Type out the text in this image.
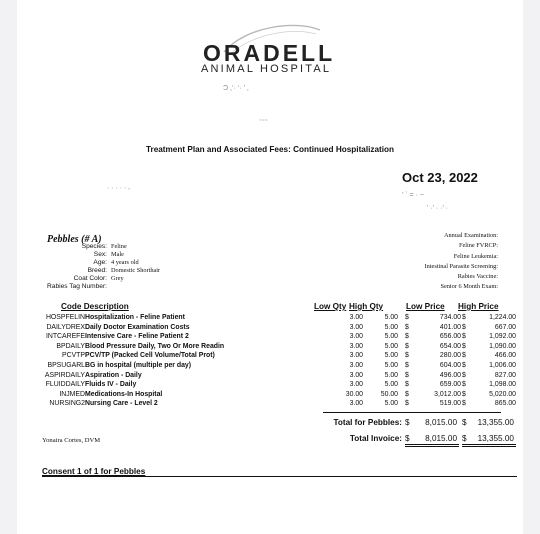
ORADELL
ANIMAL HOSPITAL
Ɔ ,‘· ‘· ’ ,
~~~
Treatment Plan and Associated Fees: Continued Hospitalization
Oct 23, 2022
` ` ` ` ` '
’ ` = · ~
' ·' · ·' ·
Pebbles (# A)
Species: Feline
Sex: Male
Age: 4 years old
Breed: Domestic Shorthair
Coat Color: Grey
Rabies Tag Number:
Annual Examination:
Feline FVRCP:
Feline Leukemia:
Intestinal Parasite Screening:
Rabies Vaccine:
Senior 6 Month Exam:
Code Description	Low Qty High Qty	Low Price High Price
HOSPFELIN Hospitalization - Feline Patient	3.00	5.00 $	734.00 $	1,224.00
DAILYDREX Daily Doctor Examination Costs	3.00	5.00 $	401.00 $	667.00
INTCAREFE Intensive Care - Feline Patient 2	3.00	5.00 $	656.00 $	1,092.00
BPDAILY Blood Pressure Daily, Two Or More Readin	3.00	5.00 $	654.00 $	1,090.00
PCVTP PCV/TP (Packed Cell Volume/Total Prot)	3.00	5.00 $	280.00 $	466.00
BPSUGARL BG in hospital (multiple per day)	3.00	5.00 $	604.00 $	1,006.00
ASPIRDAILY Aspiration - Daily	3.00	5.00 $	496.00 $	827.00
FLUIDDAILY Fluids IV - Daily	3.00	5.00 $	659.00 $	1,098.00
INJMED Medications-In Hospital	30.00	50.00 $	3,012.00 $	5,020.00
NURSING2 Nursing Care - Level 2	3.00	5.00 $	519.00 $	865.00
Total for Pebbles: $	8,015.00 $	13,355.00
Total Invoice: $	8,015.00 $	13,355.00
Yonaira Cortes, DVM
Consent 1 of 1 for Pebbles
